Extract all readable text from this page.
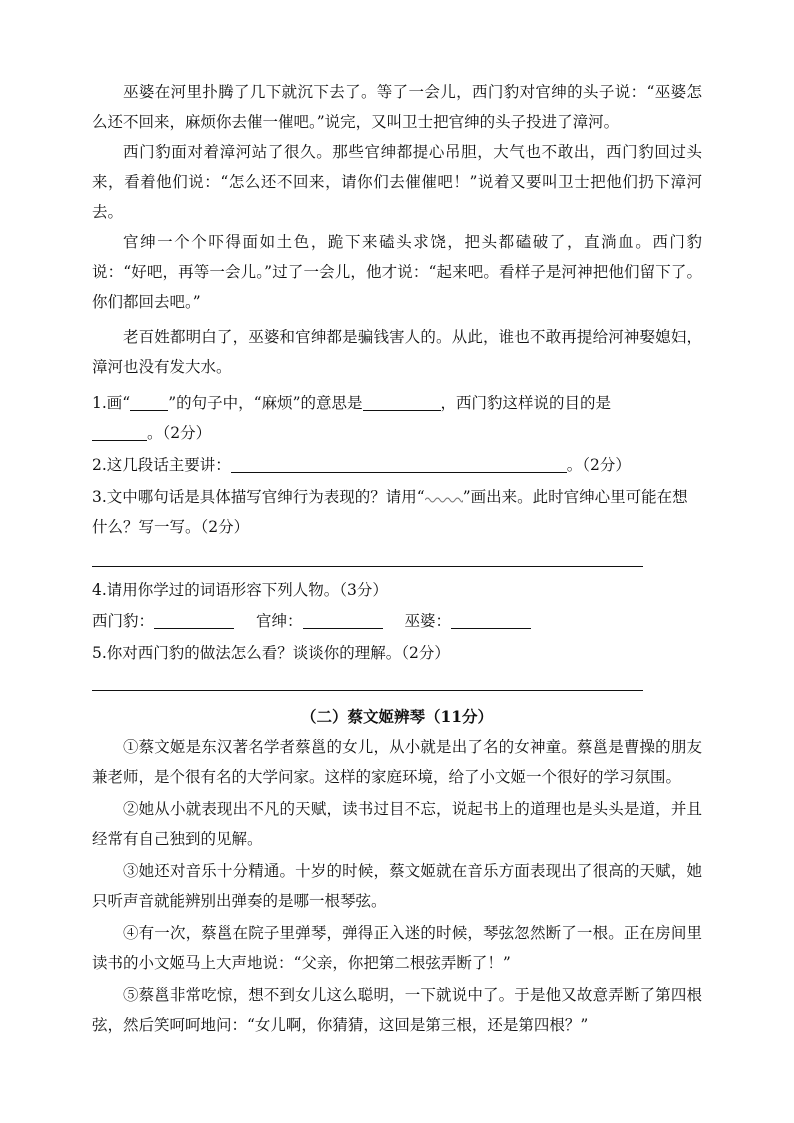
巫婆在河里扑腾了几下就沉下去了。等了一会儿，西门豹对官绅的头子说：“巫婆怎么还不回来，麻烦你去催一催吧。”说完，又叫卫士把官绅的头子投进了漳河。

西门豹面对着漳河站了很久。那些官绅都提心吊胆，大气也不敢出，西门豹回过头来，看着他们说：“怎么还不回来，请你们去催催吧！”说着又要叫卫士把他们扔下漳河去。

官绅一个个吓得面如土色，跪下来磕头求饶，把头都磕破了，直淌血。西门豹说：“好吧，再等一会儿。”过了一会儿，他才说：“起来吧。看样子是河神把他们留下了。你们都回去吧。”

老百姓都明白了，巫婆和官绅都是骗钱害人的。从此，谁也不敢再提给河神娶媳妇，漳河也没有发大水。

1.画“ ”的句子中，“麻烦”的意思是	，西门豹这样说的目的是
。（2分）
2.这几段话主要讲：	。（2分）
3.文中哪句话是具体描写官绅行为表现的？请用“ ”画出来。此时官绅心里可能在想什么？写一写。（2分）
4.请用你学过的词语形容下列人物。（3分）
西门豹：	官绅：	巫婆：
5.你对西门豹的做法怎么看？谈谈你的理解。（2分）
（二）蔡文姬辨琴（11分）

①蔡文姬是东汉著名学者蔡邕的女儿，从小就是出了名的女神童。蔡邕是曹操的朋友兼老师，是个很有名的大学问家。这样的家庭环境，给了小文姬一个很好的学习氛围。

②她从小就表现出不凡的天赋，读书过目不忘，说起书上的道理也是头头是道，并且经常有自己独到的见解。

③她还对音乐十分精通。十岁的时候，蔡文姬就在音乐方面表现出了很高的天赋，她只听声音就能辨别出弹奏的是哪一根琴弦。

④有一次，蔡邕在院子里弹琴，弹得正入迷的时候，琴弦忽然断了一根。正在房间里读书的小文姬马上大声地说：“父亲，你把第二根弦弄断了！”

⑤蔡邕非常吃惊，想不到女儿这么聪明，一下就说中了。于是他又故意弄断了第四根弦，然后笑呵呵地问：“女儿啊，你猜猜，这回是第三根，还是第四根？”
